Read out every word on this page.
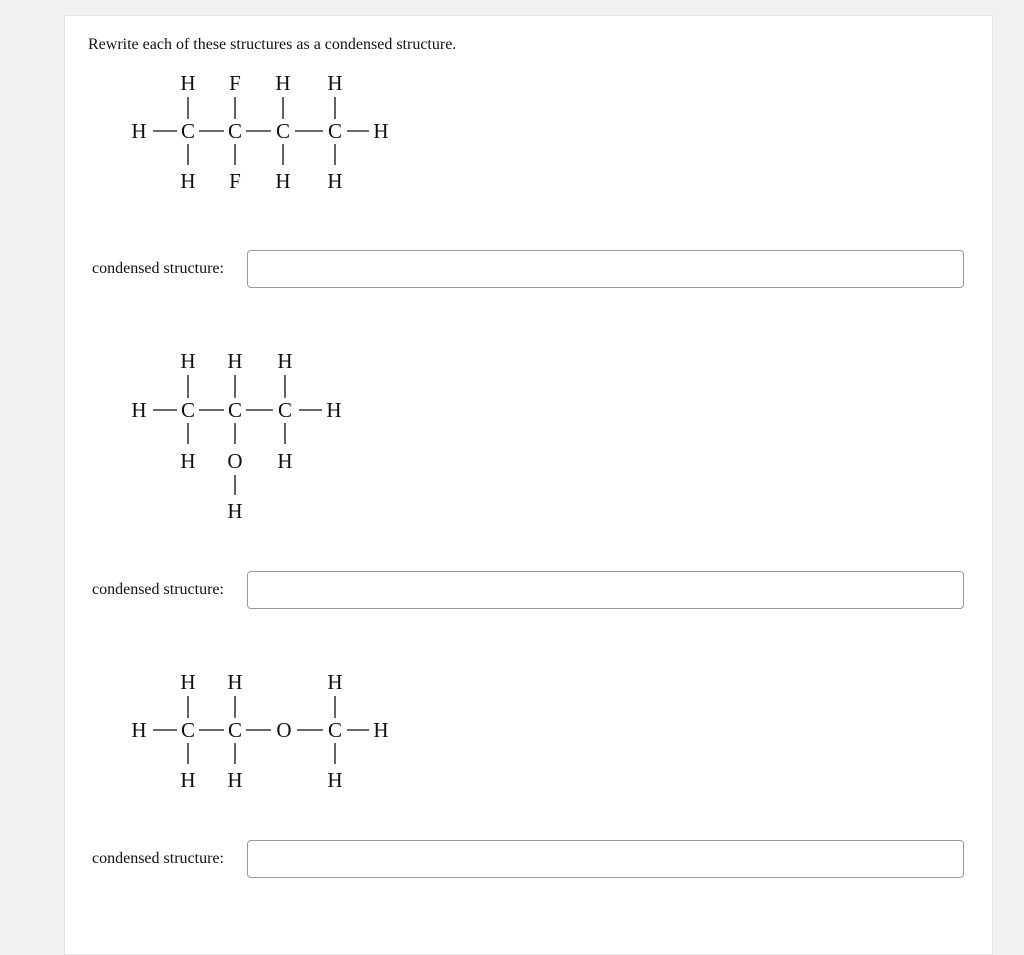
Rewrite each of these structures as a condensed structure.
H C C C C H
H F H H
H F H H
condensed structure:
H C C C H
H H H
H O H
H
condensed structure:
H C C O C H
H H	H
H H	H
condensed structure:
